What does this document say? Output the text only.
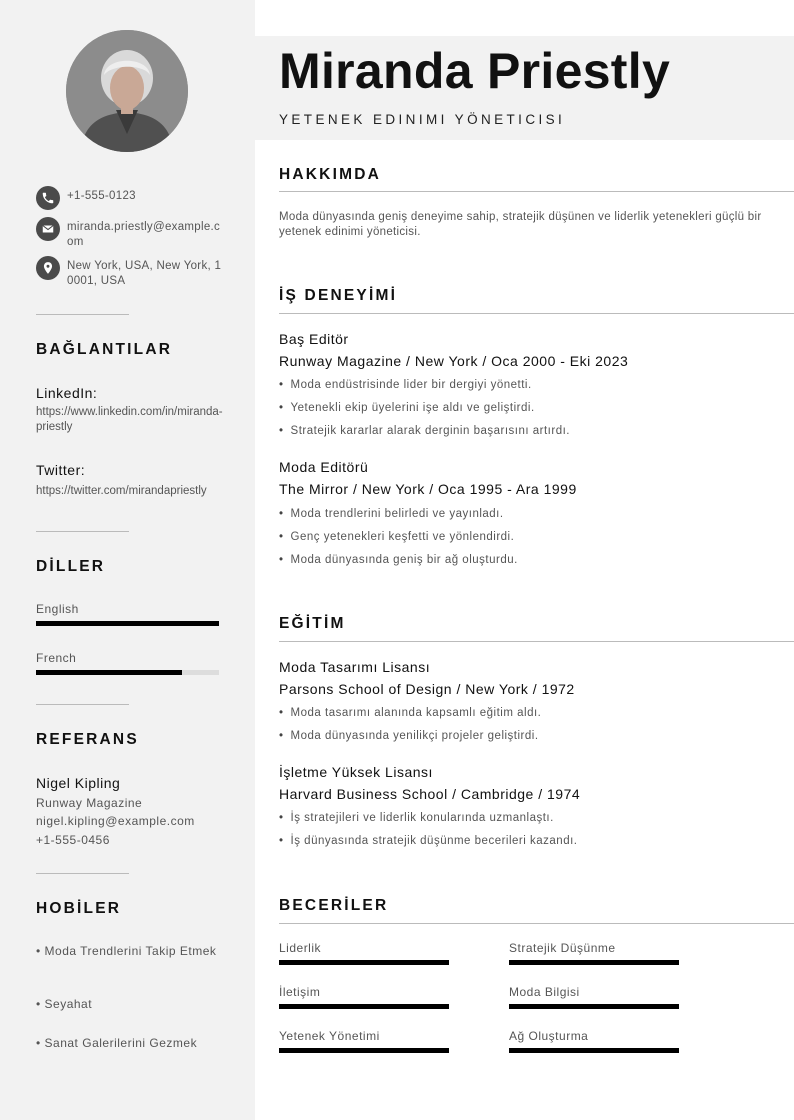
+1-555-0123
miranda.priestly@example.com
New York, USA, New York, 10001, USA
BAĞLANTILAR
LinkedIn:
https://www.linkedin.com/in/miranda-priestly
Twitter:
https://twitter.com/mirandapriestly
DİLLER
English
French
REFERANS
Nigel Kipling
Runway Magazine
nigel.kipling@example.com
+1-555-0456
HOBİLER
• Moda Trendlerini Takip Etmek
• Seyahat
• Sanat Galerilerini Gezmek
Miranda Priestly
YETENEK EDINIMI YÖNETICISI
HAKKIMDA
Moda dünyasında geniş deneyime sahip, stratejik düşünen ve liderlik yetenekleri güçlü bir yetenek edinimi yöneticisi.
İŞ DENEYİMİ
Baş Editör
Runway Magazine / New York / Oca 2000 - Eki 2023
• Moda endüstrisinde lider bir dergiyi yönetti.
• Yetenekli ekip üyelerini işe aldı ve geliştirdi.
• Stratejik kararlar alarak derginin başarısını artırdı.
Moda Editörü
The Mirror / New York / Oca 1995 - Ara 1999
• Moda trendlerini belirledi ve yayınladı.
• Genç yetenekleri keşfetti ve yönlendirdi.
• Moda dünyasında geniş bir ağ oluşturdu.
EĞİTİM
Moda Tasarımı Lisansı
Parsons School of Design / New York / 1972
• Moda tasarımı alanında kapsamlı eğitim aldı.
• Moda dünyasında yenilikçi projeler geliştirdi.
İşletme Yüksek Lisansı
Harvard Business School / Cambridge / 1974
• İş stratejileri ve liderlik konularında uzmanlaştı.
• İş dünyasında stratejik düşünme becerileri kazandı.
BECERİLER
Liderlik	Stratejik Düşünme
İletişim	Moda Bilgisi
Yetenek Yönetimi	Ağ Oluşturma
